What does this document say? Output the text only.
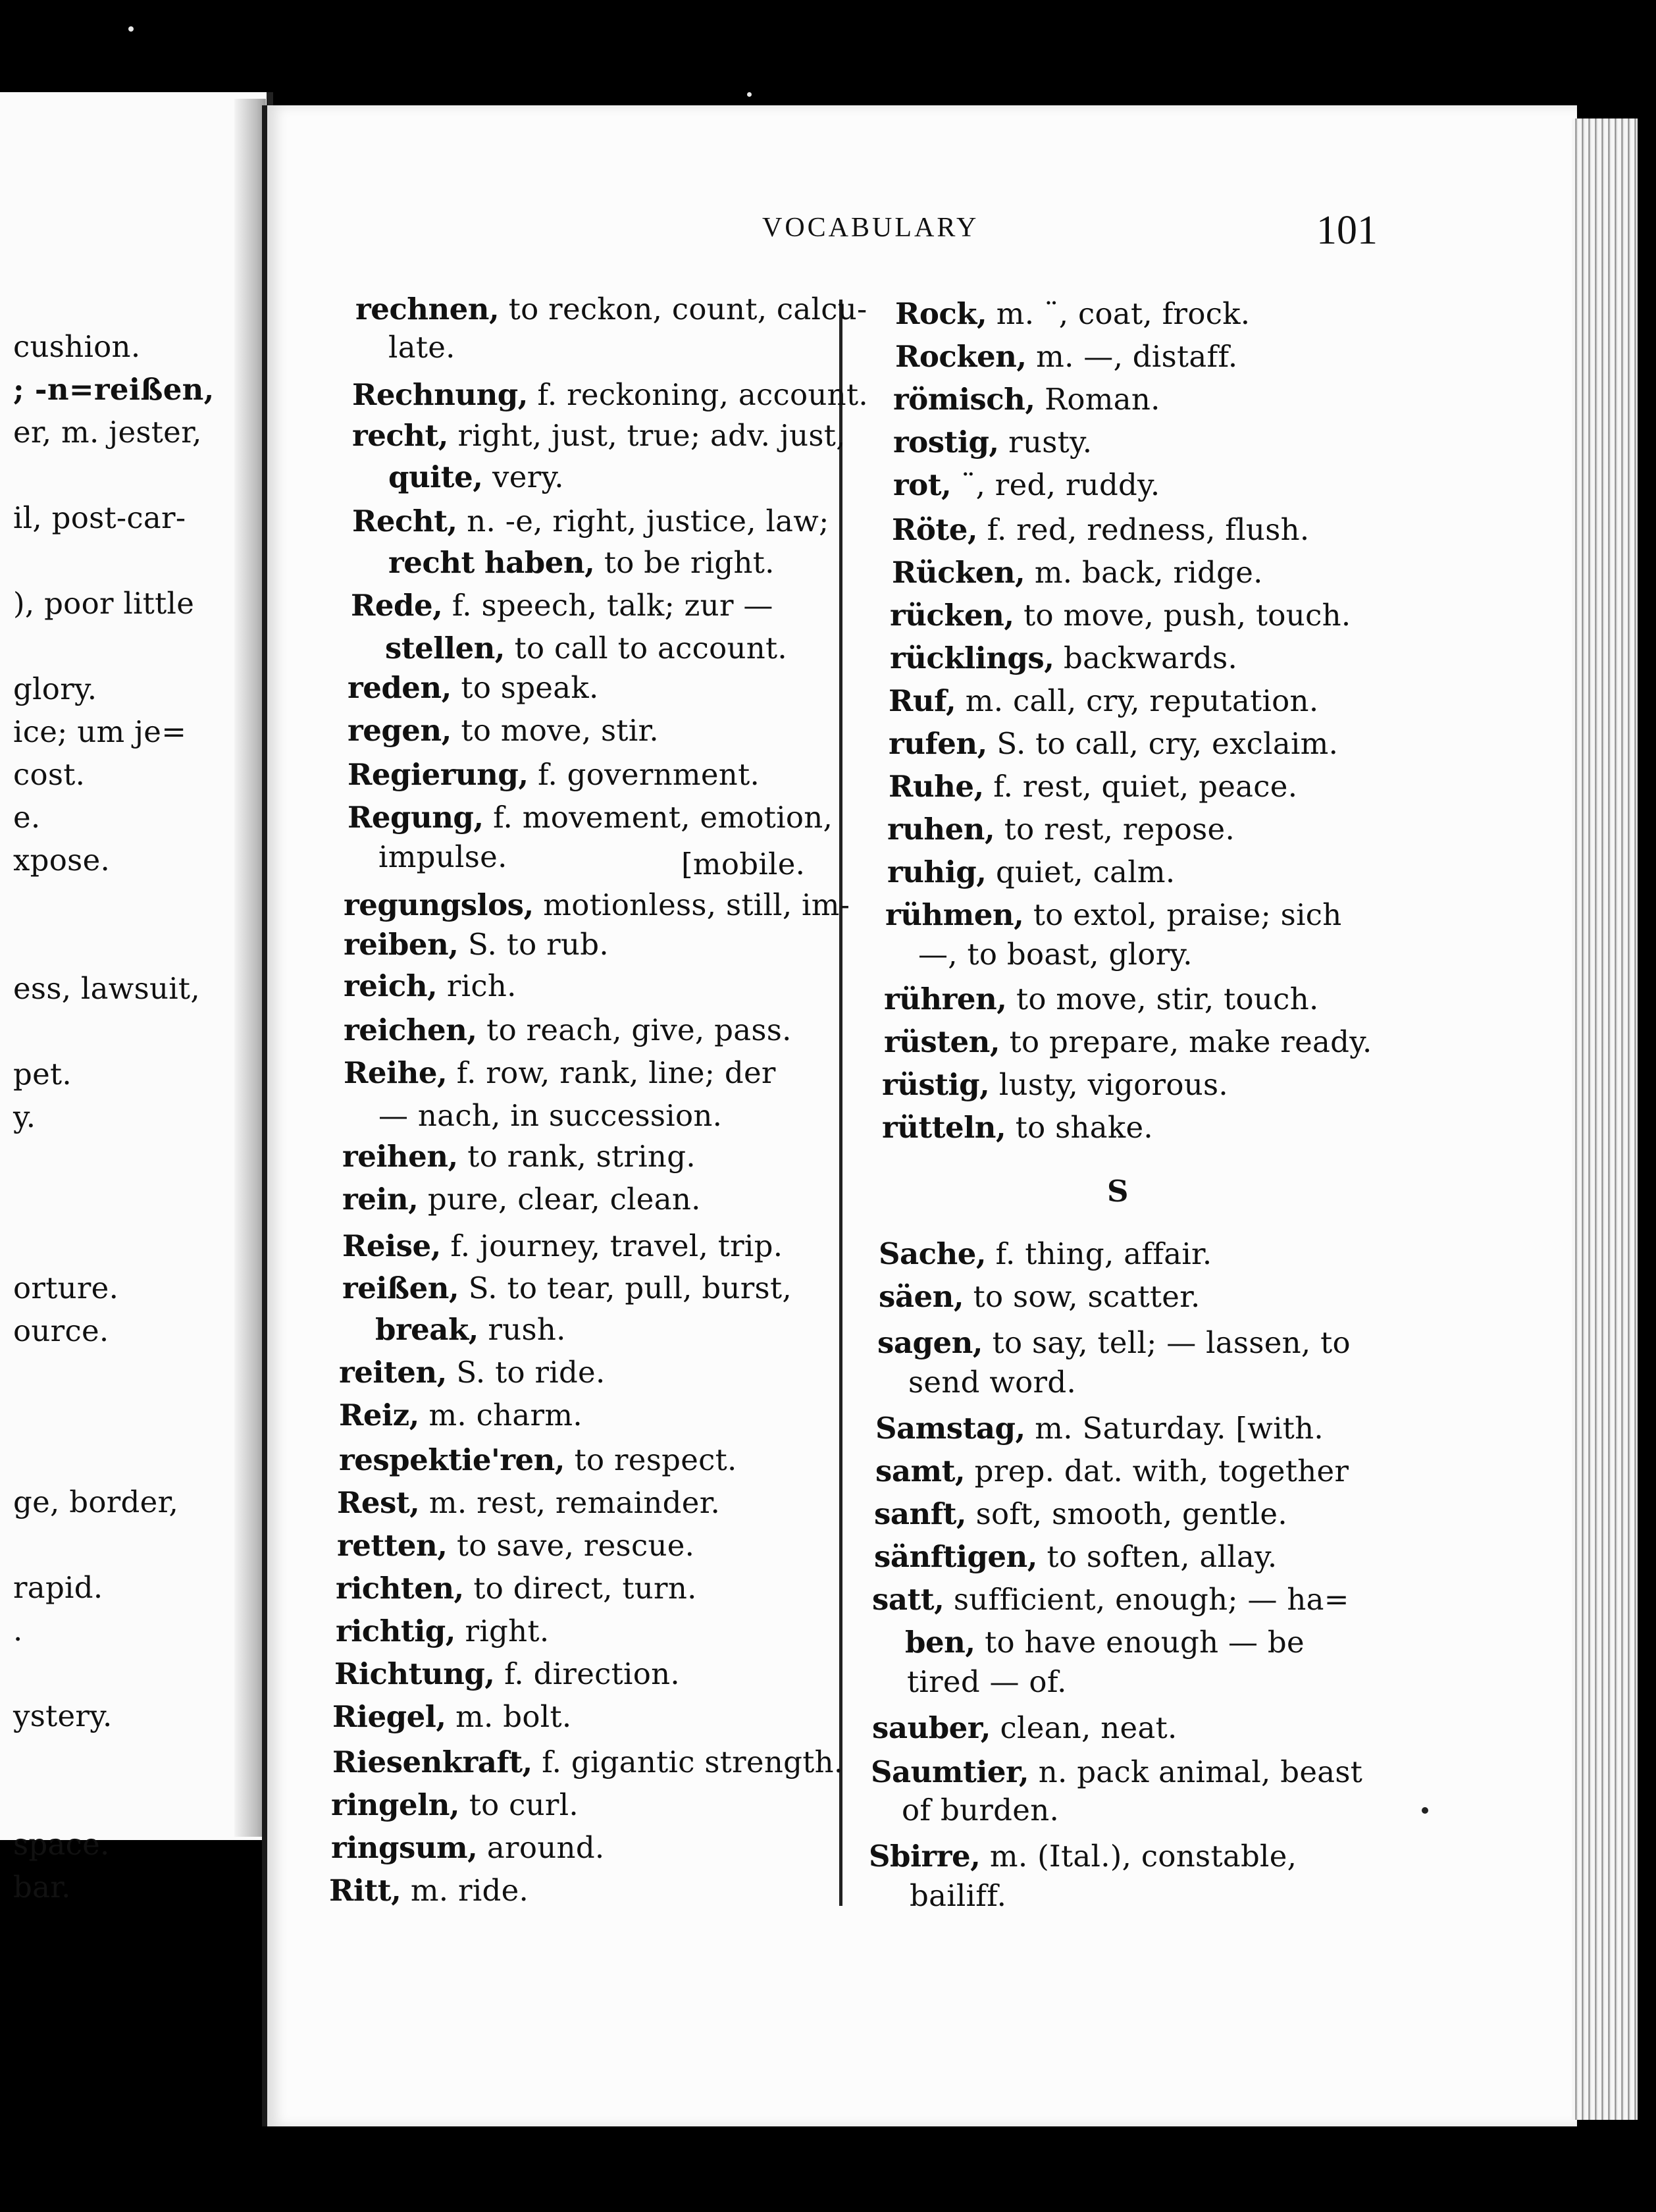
cushion.
; -n=reißen,
er, m. jester,
il, post-car-
), poor little
glory.
ice; um je=
cost.
e.
xpose.
ess, lawsuit,
pet.
y.
orture.
ource.
ge, border,
rapid.
.
ystery.
space.
bar.
VOCABULARY	101
rechnen, to reckon, count, calcu-
late.
Rechnung, f. reckoning, account.
recht, right, just, true; adv. just,
quite, very.
Recht, n. -e, right, justice, law;
recht haben, to be right.
Rede, f. speech, talk; zur —
stellen, to call to account.
reden, to speak.
regen, to move, stir.
Regierung, f. government.
Regung, f. movement, emotion,
impulse.	[mobile.
regungslos, motionless, still, im-
reiben, S. to rub.
reich, rich.
reichen, to reach, give, pass.
Reihe, f. row, rank, line; der
— nach, in succession.
reihen, to rank, string.
rein, pure, clear, clean.
Reise, f. journey, travel, trip.
reißen, S. to tear, pull, burst,
break, rush.
reiten, S. to ride.
Reiz, m. charm.
respektie'ren, to respect.
Rest, m. rest, remainder.
retten, to save, rescue.
richten, to direct, turn.
richtig, right.
Richtung, f. direction.
Riegel, m. bolt.
Riesenkraft, f. gigantic strength.
ringeln, to curl.
ringsum, around.
Ritt, m. ride.
Rock, m. ¨, coat, frock.
Rocken, m. —, distaff.
römisch, Roman.
rostig, rusty.
rot, ¨, red, ruddy.
Röte, f. red, redness, flush.
Rücken, m. back, ridge.
rücken, to move, push, touch.
rücklings, backwards.
Ruf, m. call, cry, reputation.
rufen, S. to call, cry, exclaim.
Ruhe, f. rest, quiet, peace.
ruhen, to rest, repose.
ruhig, quiet, calm.
rühmen, to extol, praise; sich
—, to boast, glory.
rühren, to move, stir, touch.
rüsten, to prepare, make ready.
rüstig, lusty, vigorous.
rütteln, to shake.
S
Sache, f. thing, affair.
säen, to sow, scatter.
sagen, to say, tell; — lassen, to
send word.
Samstag, m. Saturday. [with.
samt, prep. dat. with, together
sanft, soft, smooth, gentle.
sänftigen, to soften, allay.
satt, sufficient, enough; — ha=
ben, to have enough — be
tired — of.
sauber, clean, neat.
Saumtier, n. pack animal, beast
of burden.
Sbirre, m. (Ital.), constable,
bailiff.
